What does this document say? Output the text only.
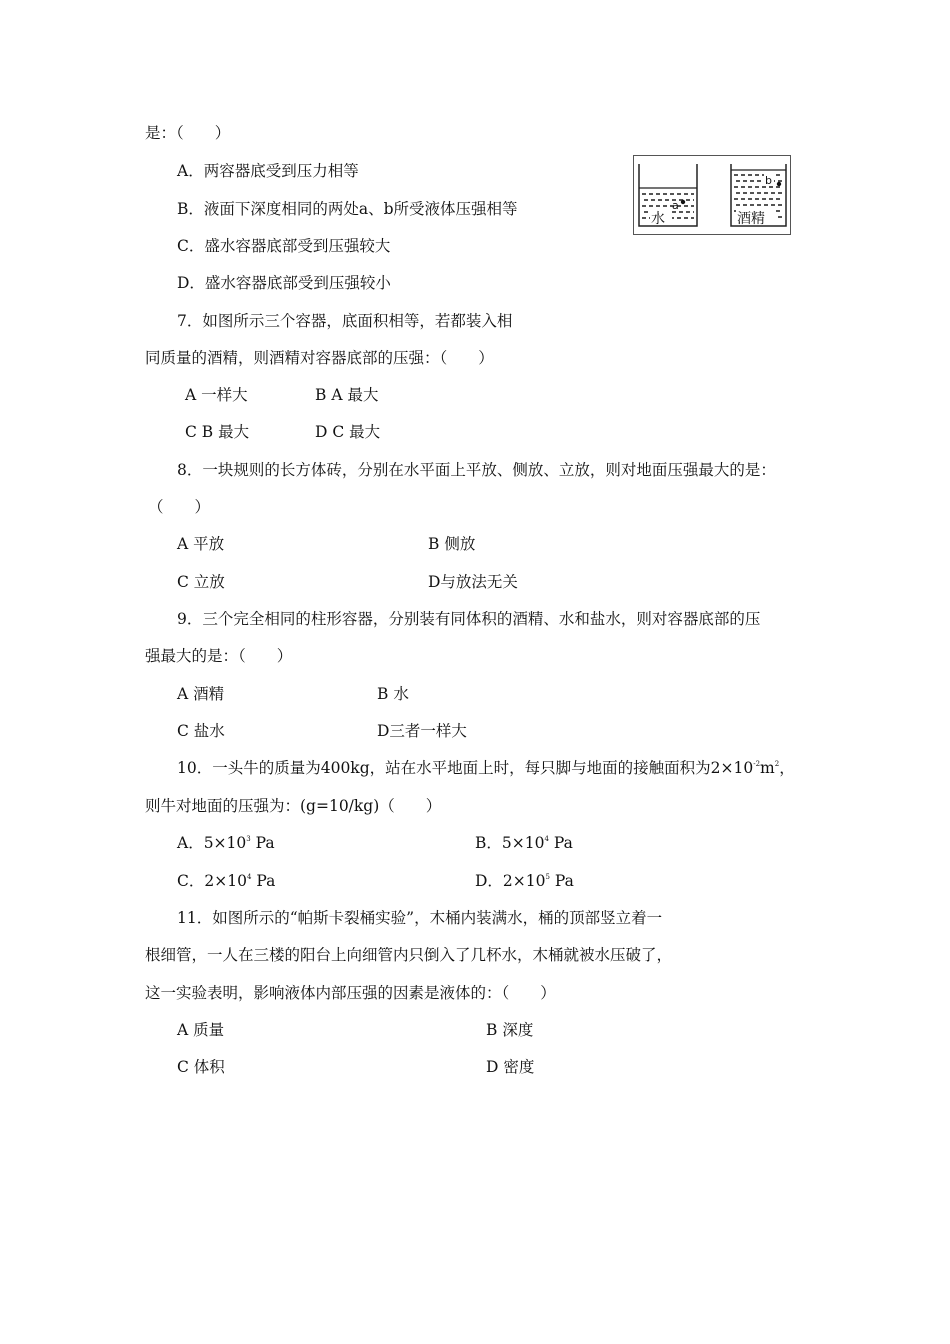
是：（　　）
A．两容器底受到压力相等
B．液面下深度相同的两处a、b所受液体压强相等
C．盛水容器底部受到压强较大
D．盛水容器底部受到压强较小
水
a
b
酒精
7．如图所示三个容器，底面积相等，若都装入相
同质量的酒精，则酒精对容器底部的压强：（　　）
A 一样大	B A 最大
C B 最大	D C 最大
8．一块规则的长方体砖，分别在水平面上平放、侧放、立放，则对地面压强最大的是：
（　　）
A 平放	B 侧放
C 立放	D与放法无关
9．三个完全相同的柱形容器，分别装有同体积的酒精、水和盐水，则对容器底部的压
强最大的是：（　　）
A 酒精	B 水
C 盐水	D三者一样大
10．一头牛的质量为400kg，站在水平地面上时，每只脚与地面的接触面积为$2\times 10^{-2}m^2$，
则牛对地面的压强为：(g=10/kg)（　　）
A．$5\times 10^3$ Pa	B．$5\times 10^4$ Pa
C．$2\times 10^4$ Pa	D．$2\times 10^5$ Pa
11．如图所示的“帕斯卡裂桶实验”，木桶内装满水，桶的顶部竖立着一
根细管，一人在三楼的阳台上向细管内只倒入了几杯水，木桶就被水压破了，
这一实验表明，影响液体内部压强的因素是液体的：（　　）
A 质量	B 深度
C 体积	D 密度
